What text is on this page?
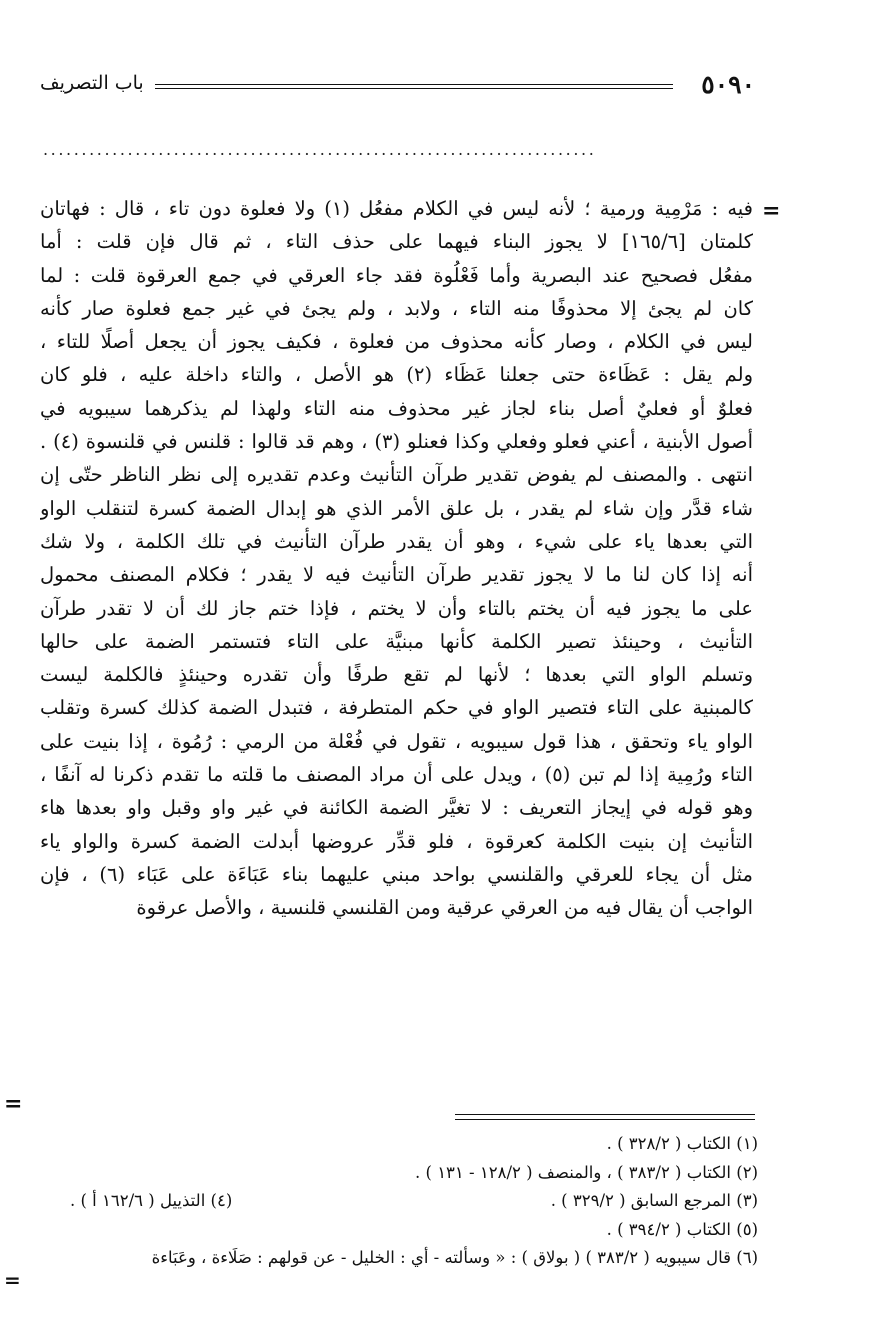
٥٠٩٠
باب التصريف
........................................................................
=
فيه : مَرْمِية ورمية ؛ لأنه ليس في الكلام مفعُل (١) ولا فعلوة دون تاء ، قال : فهاتان
كلمتان [١٦٥/٦] لا يجوز البناء فيهما على حذف التاء ، ثم قال فإن قلت : أما
مفعُل فصحيح عند البصرية وأما فَعْلُوة فقد جاء العرقي في جمع العرقوة قلت : لما
كان لم يجئ إلا محذوفًا منه التاء ، ولابد ، ولم يجئ في غير جمع فعلوة صار كأنه
ليس في الكلام ، وصار كأنه محذوف من فعلوة ، فكيف يجوز أن يجعل أصلًا للتاء ،
ولم يقل : عَظَاءة حتى جعلنا عَظَاء (٢) هو الأصل ، والتاء داخلة عليه ، فلو كان
فعلوٌ أو فعليٌ أصل بناء لجاز غير محذوف منه التاء ولهذا لم يذكرهما سيبويه في
أصول الأبنية ، أعني فعلو وفعلي وكذا فعنلو (٣) ، وهم قد قالوا : قلنس في قلنسوة (٤) .
انتهى . والمصنف لم يفوض تقدير طرآن التأنيث وعدم تقديره إلى نظر الناظر حتّى إن
شاء قدَّر وإن شاء لم يقدر ، بل علق الأمر الذي هو إبدال الضمة كسرة لتنقلب الواو
التي بعدها ياء على شيء ، وهو أن يقدر طرآن التأنيث في تلك الكلمة ، ولا شك
أنه إذا كان لنا ما لا يجوز تقدير طرآن التأنيث فيه لا يقدر ؛ فكلام المصنف محمول
على ما يجوز فيه أن يختم بالتاء وأن لا يختم ، فإذا ختم جاز لك أن لا تقدر طرآن
التأنيث ، وحينئذ تصير الكلمة كأنها مبنيَّة على التاء فتستمر الضمة على حالها
وتسلم الواو التي بعدها ؛ لأنها لم تقع طرفًا وأن تقدره وحينئذٍ فالكلمة ليست
كالمبنية على التاء فتصير الواو في حكم المتطرفة ، فتبدل الضمة كذلك كسرة وتقلب
الواو ياء وتحقق ، هذا قول سيبويه ، تقول في فُعْلة من الرمي : رُمُوة ، إذا بنيت على
التاء ورُمِية إذا لم تبن (٥) ، ويدل على أن مراد المصنف ما قلته ما تقدم ذكرنا له آنفًا ،
وهو قوله في إيجاز التعريف : لا تغيَّر الضمة الكائنة في غير واو وقبل واو بعدها هاء
التأنيث إن بنيت الكلمة كعرقوة ، فلو قدِّر عروضها أبدلت الضمة كسرة والواو ياء
مثل أن يجاء للعرقي والقلنسي بواحد مبني عليهما بناء عَبَاءَة على عَبَاء (٦) ، فإن
الواجب أن يقال فيه من العرقي عرقية ومن القلنسي قلنسية ، والأصل عرقوة
=
(١) الكتاب ( ٣٢٨/٢ ) .
(٢) الكتاب ( ٣٨٣/٢ ) ، والمنصف ( ١٢٨/٢ - ١٣١ ) .
(٣) المرجع السابق ( ٣٢٩/٢ ) .
(٤) التذييل ( ١٦٢/٦ أ ) .
(٥) الكتاب ( ٣٩٤/٢ ) .
(٦) قال سيبويه ( ٣٨٣/٢ ) ( بولاق ) : « وسألته - أي : الخليل - عن قولهم : صَلَاءة ، وعَبَاءة
=
